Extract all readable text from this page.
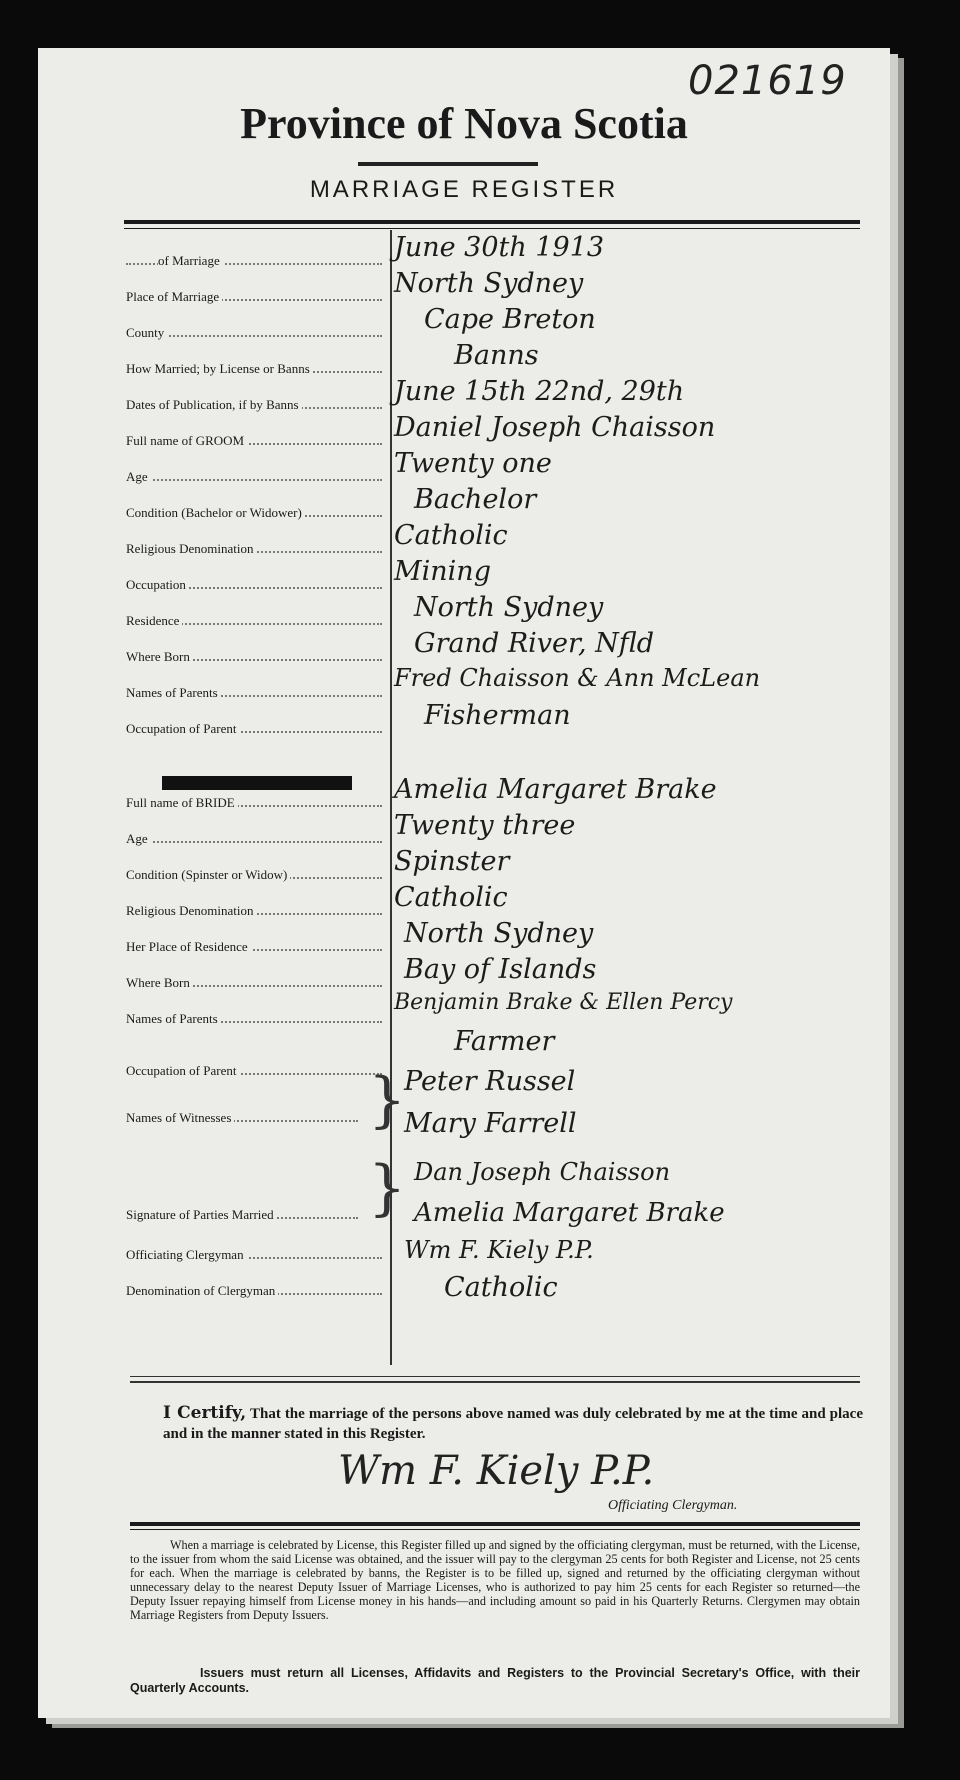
021619
Province of Nova Scotia
MARRIAGE REGISTER
of Marriage	June 30th 1913
Place of Marriage	North Sydney
County	Cape Breton
How Married; by License or Banns	Banns
Dates of Publication, if by Banns	June 15th 22nd, 29th
Full name of GROOM	Daniel Joseph Chaisson
Age	Twenty one
Condition (Bachelor or Widower)	Bachelor
Religious Denomination	Catholic
Occupation	Mining
Residence	North Sydney
Where Born	Grand River, Nfld
Names of Parents
Fred Chaisson & Ann McLean
Occupation of Parent	Fisherman
Full name of BRIDE	Amelia Margaret Brake
Age	Twenty three
Condition (Spinster or Widow)	Spinster
Religious Denomination	Catholic
Her Place of Residence	North Sydney
Where Born	Bay of Islands
Names of Parents
Benjamin Brake & Ellen Percy
Occupation of Parent
Farmer
Names of Witnesses }
Peter Russel
Mary Farrell
Signature of Parties Married } Dan Joseph Chaisson
Amelia Margaret Brake
Officiating Clergyman	Wm F. Kiely P.P.
Denomination of Clergyman	Catholic
I Certify, That the marriage of the persons above named was duly celebrated by me at the time and place and in the manner stated in this Register.
Wm F. Kiely P.P.
Officiating Clergyman.
When a marriage is celebrated by License, this Register filled up and signed by the officiating clergyman, must be returned, with the License, to the issuer from whom the said License was obtained, and the issuer will pay to the clergyman 25 cents for both Register and License, not 25 cents for each. When the marriage is celebrated by banns, the Register is to be filled up, signed and returned by the officiating clergyman without unnecessary delay to the nearest Deputy Issuer of Marriage Licenses, who is authorized to pay him 25 cents for each Register so returned—the Deputy Issuer repaying himself from License money in his hands—and including amount so paid in his Quarterly Returns. Clergymen may obtain Marriage Registers from Deputy Issuers.
Issuers must return all Licenses, Affidavits and Registers to the Provincial Secretary's Office, with their Quarterly Accounts.
